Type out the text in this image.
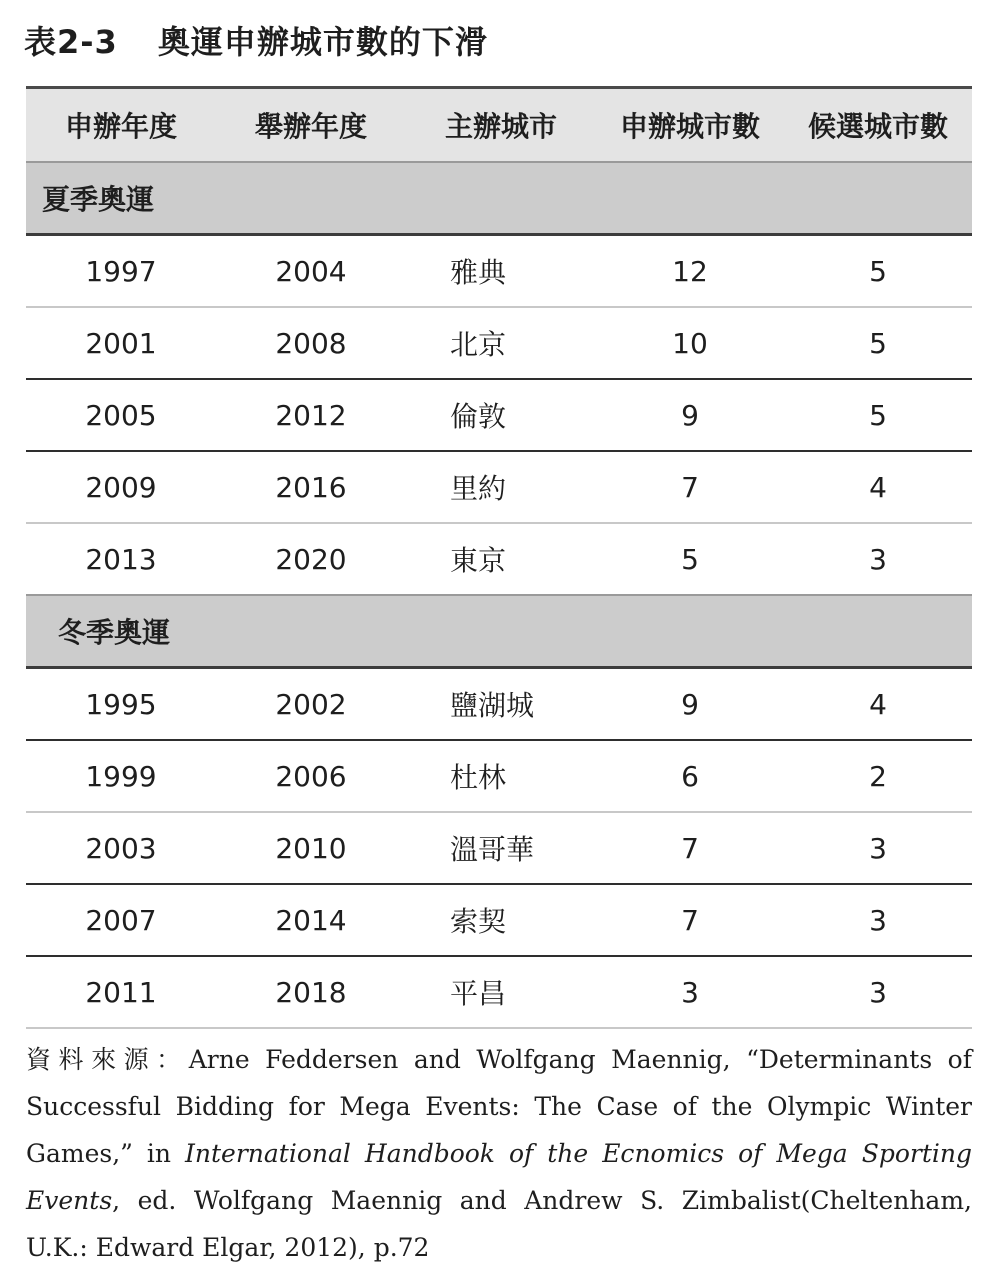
表2-3 奧運申辦城市數的下滑
申辦年度	舉辦年度	主辦城市	申辦城市數	候選城市數
夏季奧運				
1997	2004	雅典	12	5
2001	2008	北京	10	5
2005	2012	倫敦	9	5
2009	2016	里約	7	4
2013	2020	東京	5	3
冬季奧運				
1995	2002	鹽湖城	9	4
1999	2006	杜林	6	2
2003	2010	溫哥華	7	3
2007	2014	索契	7	3
2011	2018	平昌	3	3
資料來源：Arne Feddersen and Wolfgang Maennig, “Determinants of Successful Bidding for Mega Events: The Case of the Olympic Winter Games,” in International Handbook of the Ecnomics of Mega Sporting Events, ed. Wolfgang Maennig and Andrew S. Zimbalist(Cheltenham, U.K.: Edward Elgar, 2012), p.72
